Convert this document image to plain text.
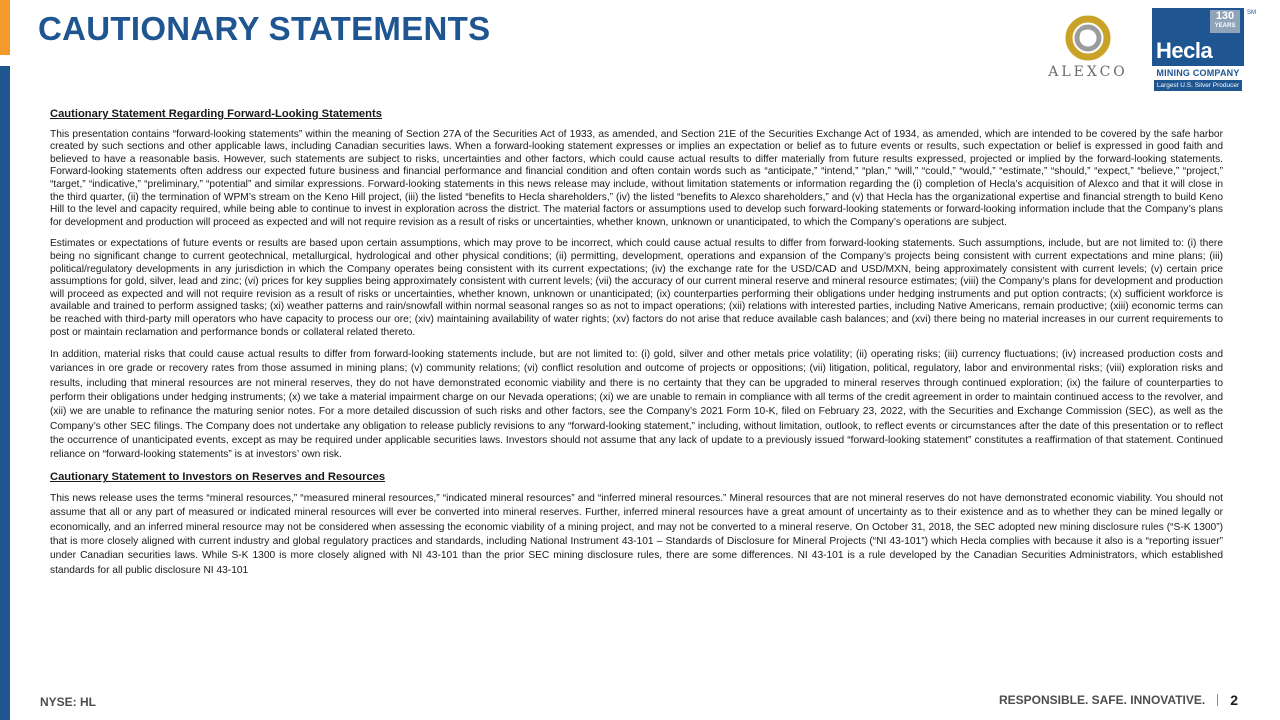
CAUTIONARY STATEMENTS
ALEXCO
130
YEARS
Hecla
SM
MINING COMPANY
Largest U.S. Silver Producer
Cautionary Statement Regarding Forward-Looking Statements

This presentation contains “forward-looking statements” within the meaning of Section 27A of the Securities Act of 1933, as amended, and Section 21E of the Securities Exchange Act of 1934, as amended, which are intended to be covered by the safe harbor created by such sections and other applicable laws, including Canadian securities laws. When a forward-looking statement expresses or implies an expectation or belief as to future events or results, such expectation or belief is expressed in good faith and believed to have a reasonable basis. However, such statements are subject to risks, uncertainties and other factors, which could cause actual results to differ materially from future results expressed, projected or implied by the forward-looking statements. Forward-looking statements often address our expected future business and financial performance and financial condition and often contain words such as “anticipate,” “intend,” “plan,” “will,” “could,” “would,” “estimate,” “should,” “expect,” “believe,” “project,” “target,” “indicative,” “preliminary,” “potential” and similar expressions. Forward-looking statements in this news release may include, without limitation statements or information regarding the (i) completion of Hecla’s acquisition of Alexco and that it will close in the third quarter, (ii) the termination of WPM’s stream on the Keno Hill project, (iii) the listed “benefits to Hecla shareholders,” (iv) the listed “benefits to Alexco shareholders,” and (v) that Hecla has the organizational expertise and financial strength to build Keno Hill to the level and capacity required, while being able to continue to invest in exploration across the district. The material factors or assumptions used to develop such forward-looking statements or forward-looking information include that the Company’s plans for development and production will proceed as expected and will not require revision as a result of risks or uncertainties, whether known, unknown or unanticipated, to which the Company’s operations are subject.

Estimates or expectations of future events or results are based upon certain assumptions, which may prove to be incorrect, which could cause actual results to differ from forward-looking statements. Such assumptions, include, but are not limited to: (i) there being no significant change to current geotechnical, metallurgical, hydrological and other physical conditions; (ii) permitting, development, operations and expansion of the Company’s projects being consistent with current expectations and mine plans; (iii) political/regulatory developments in any jurisdiction in which the Company operates being consistent with its current expectations; (iv) the exchange rate for the USD/CAD and USD/MXN, being approximately consistent with current levels; (v) certain price assumptions for gold, silver, lead and zinc; (vi) prices for key supplies being approximately consistent with current levels; (vii) the accuracy of our current mineral reserve and mineral resource estimates; (viii) the Company’s plans for development and production will proceed as expected and will not require revision as a result of risks or uncertainties, whether known, unknown or unanticipated; (ix) counterparties performing their obligations under hedging instruments and put option contracts; (x) sufficient workforce is available and trained to perform assigned tasks; (xi) weather patterns and rain/snowfall within normal seasonal ranges so as not to impact operations; (xii) relations with interested parties, including Native Americans, remain productive; (xiii) economic terms can be reached with third-party mill operators who have capacity to process our ore; (xiv) maintaining availability of water rights; (xv) factors do not arise that reduce available cash balances; and (xvi) there being no material increases in our current requirements to post or maintain reclamation and performance bonds or collateral related thereto.

In addition, material risks that could cause actual results to differ from forward-looking statements include, but are not limited to: (i) gold, silver and other metals price volatility; (ii) operating risks; (iii) currency fluctuations; (iv) increased production costs and variances in ore grade or recovery rates from those assumed in mining plans; (v) community relations; (vi) conflict resolution and outcome of projects or oppositions; (vii) litigation, political, regulatory, labor and environmental risks; (viii) exploration risks and results, including that mineral resources are not mineral reserves, they do not have demonstrated economic viability and there is no certainty that they can be upgraded to mineral reserves through continued exploration; (ix) the failure of counterparties to perform their obligations under hedging instruments; (x) we take a material impairment charge on our Nevada operations; (xi) we are unable to remain in compliance with all terms of the credit agreement in order to maintain continued access to the revolver, and (xii) we are unable to refinance the maturing senior notes. For a more detailed discussion of such risks and other factors, see the Company’s 2021 Form 10-K, filed on February 23, 2022, with the Securities and Exchange Commission (SEC), as well as the Company’s other SEC filings. The Company does not undertake any obligation to release publicly revisions to any “forward-looking statement,” including, without limitation, outlook, to reflect events or circumstances after the date of this presentation or to reflect the occurrence of unanticipated events, except as may be required under applicable securities laws. Investors should not assume that any lack of update to a previously issued “forward-looking statement” constitutes a reaffirmation of that statement. Continued reliance on “forward-looking statements” is at investors’ own risk.

Cautionary Statement to Investors on Reserves and Resources

This news release uses the terms “mineral resources,” “measured mineral resources,” “indicated mineral resources” and “inferred mineral resources.” Mineral resources that are not mineral reserves do not have demonstrated economic viability. You should not assume that all or any part of measured or indicated mineral resources will ever be converted into mineral reserves. Further, inferred mineral resources have a great amount of uncertainty as to their existence and as to whether they can be mined legally or economically, and an inferred mineral resource may not be considered when assessing the economic viability of a mining project, and may not be converted to a mineral reserve. On October 31, 2018, the SEC adopted new mining disclosure rules (“S-K 1300”) that is more closely aligned with current industry and global regulatory practices and standards, including National Instrument 43-101 – Standards of Disclosure for Mineral Projects (“NI 43-101”) which Hecla complies with because it also is a “reporting issuer” under Canadian securities laws. While S-K 1300 is more closely aligned with NI 43-101 than the prior SEC mining disclosure rules, there are some differences. NI 43-101 is a rule developed by the Canadian Securities Administrators, which established standards for all public disclosure NI 43-101

NYSE: HL	RESPONSIBLE. SAFE. INNOVATIVE. 2
